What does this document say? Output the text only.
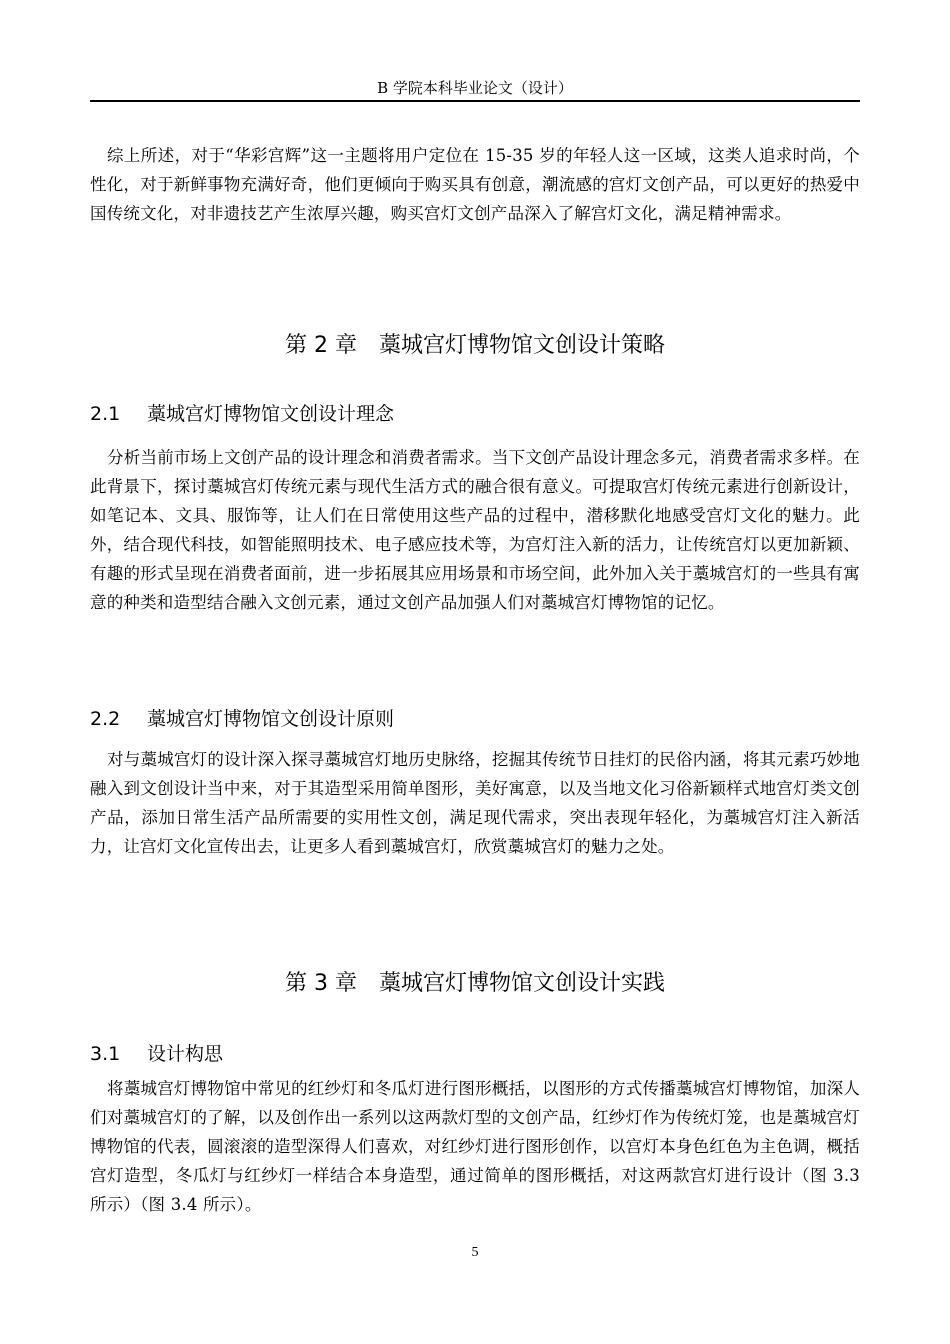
B 学院本科毕业论文（设计）
综上所述，对于“华彩宫辉”这一主题将用户定位在 15-35 岁的年轻人这一区域，这类人追求时尚，个性化，对于新鲜事物充满好奇，他们更倾向于购买具有创意，潮流感的宫灯文创产品，可以更好的热爱中国传统文化，对非遗技艺产生浓厚兴趣，购买宫灯文创产品深入了解宫灯文化，满足精神需求。
第 2 章 藁城宫灯博物馆文创设计策略
2.1 藁城宫灯博物馆文创设计理念
分析当前市场上文创产品的设计理念和消费者需求。当下文创产品设计理念多元，消费者需求多样。在此背景下，探讨藁城宫灯传统元素与现代生活方式的融合很有意义。可提取宫灯传统元素进行创新设计，如笔记本、文具、服饰等，让人们在日常使用这些产品的过程中，潜移默化地感受宫灯文化的魅力。此外，结合现代科技，如智能照明技术、电子感应技术等，为宫灯注入新的活力，让传统宫灯以更加新颖、有趣的形式呈现在消费者面前，进一步拓展其应用场景和市场空间，此外加入关于藁城宫灯的一些具有寓意的种类和造型结合融入文创元素，通过文创产品加强人们对藁城宫灯博物馆的记忆。
2.2 藁城宫灯博物馆文创设计原则
对与藁城宫灯的设计深入探寻藁城宫灯地历史脉络，挖掘其传统节日挂灯的民俗内涵，将其元素巧妙地融入到文创设计当中来，对于其造型采用简单图形，美好寓意，以及当地文化习俗新颖样式地宫灯类文创产品，添加日常生活产品所需要的实用性文创，满足现代需求，突出表现年轻化，为藁城宫灯注入新活力，让宫灯文化宣传出去，让更多人看到藁城宫灯，欣赏藁城宫灯的魅力之处。
第 3 章 藁城宫灯博物馆文创设计实践
3.1 设计构思
将藁城宫灯博物馆中常见的红纱灯和冬瓜灯进行图形概括，以图形的方式传播藁城宫灯博物馆，加深人们对藁城宫灯的了解，以及创作出一系列以这两款灯型的文创产品，红纱灯作为传统灯笼，也是藁城宫灯博物馆的代表，圆滚滚的造型深得人们喜欢，对红纱灯进行图形创作，以宫灯本身色红色为主色调，概括宫灯造型，冬瓜灯与红纱灯一样结合本身造型，通过简单的图形概括，对这两款宫灯进行设计（图 3.3 所示）（图 3.4 所示）。
5
